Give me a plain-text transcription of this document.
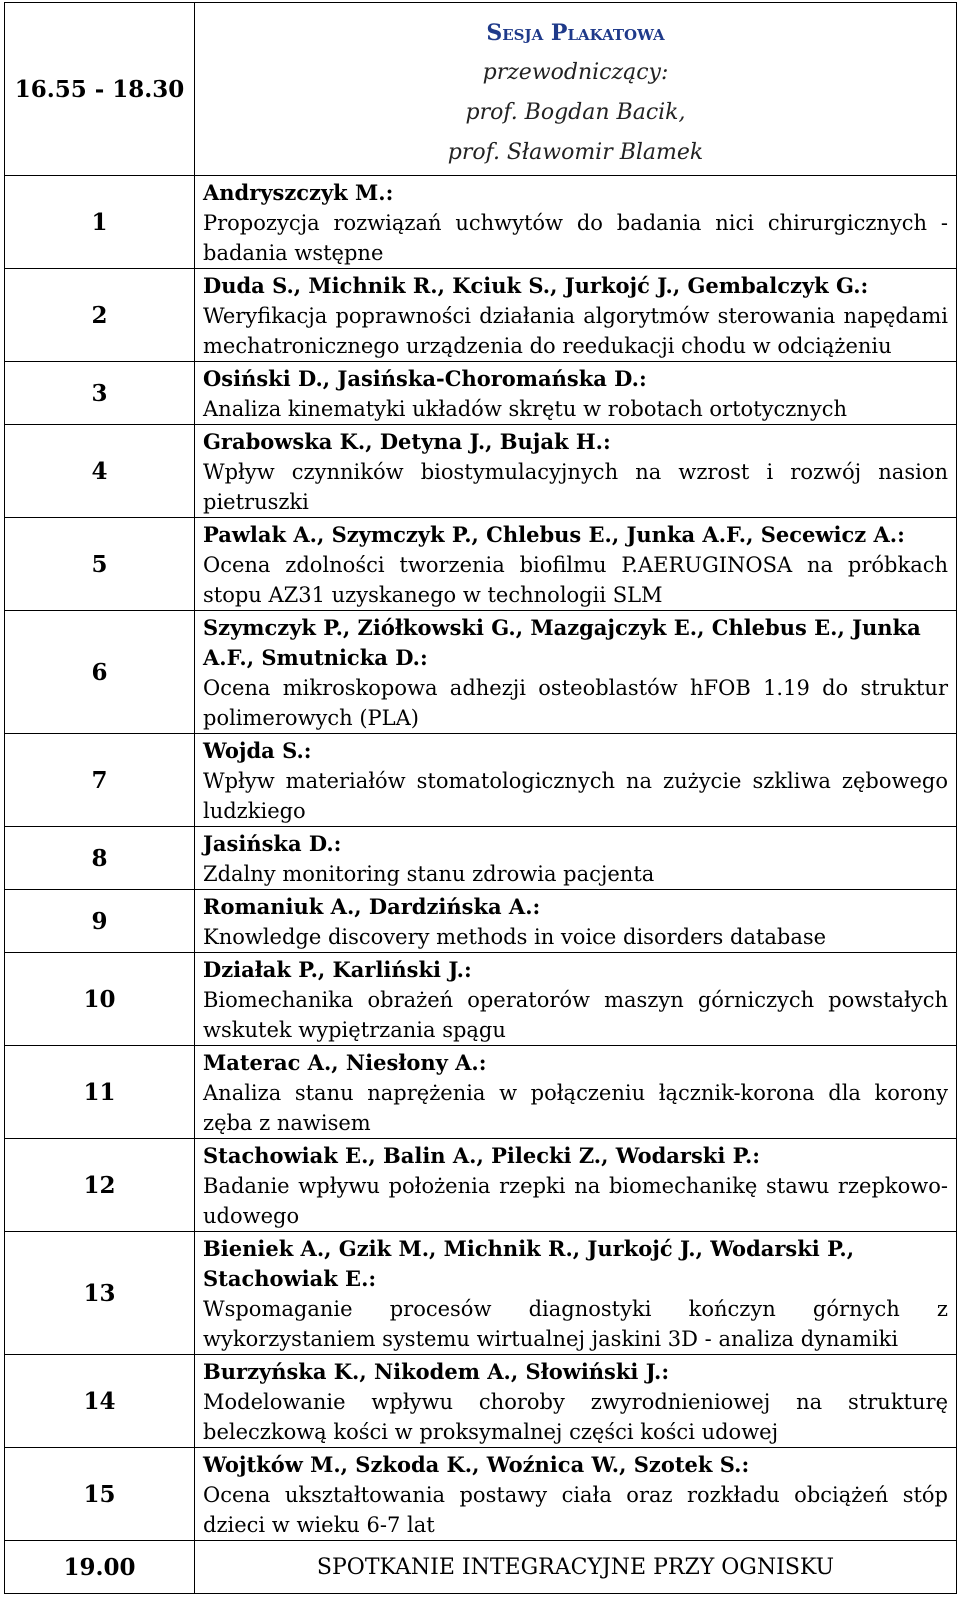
16.55 - 18.30	Sesja Plakatowa
przewodniczący:
prof. Bogdan Bacik,
prof. Sławomir Blamek

1	Andryszczyk M.:
Propozycja rozwiązań uchwytów do badania nici chirurgicznych - badania wstępne

2	Duda S., Michnik R., Kciuk S., Jurkojć J., Gembalczyk G.:
Weryfikacja poprawności działania algorytmów sterowania napędami mechatronicznego urządzenia do reedukacji chodu w odciążeniu

3	Osiński D., Jasińska-Choromańska D.:
Analiza kinematyki układów skrętu w robotach ortotycznych

4	Grabowska K., Detyna J., Bujak H.:
Wpływ czynników biostymulacyjnych na wzrost i rozwój nasion pietruszki

5	Pawlak A., Szymczyk P., Chlebus E., Junka A.F., Secewicz A.:
Ocena zdolności tworzenia biofilmu P.AERUGINOSA na próbkach stopu AZ31 uzyskanego w technologii SLM

6	Szymczyk P., Ziółkowski G., Mazgajczyk E., Chlebus E., Junka A.F., Smutnicka D.:
Ocena mikroskopowa adhezji osteoblastów hFOB 1.19 do struktur polimerowych (PLA)

7	Wojda S.:
Wpływ materiałów stomatologicznych na zużycie szkliwa zębowego ludzkiego

8	Jasińska D.:
Zdalny monitoring stanu zdrowia pacjenta

9	Romaniuk A., Dardzińska A.:
Knowledge discovery methods in voice disorders database

10	Działak P., Karliński J.:
Biomechanika obrażeń operatorów maszyn górniczych powstałych wskutek wypiętrzania spągu

11	Materac A., Niesłony A.:
Analiza stanu naprężenia w połączeniu łącznik-korona dla korony zęba z nawisem

12	Stachowiak E., Balin A., Pilecki Z., Wodarski P.:
Badanie wpływu położenia rzepki na biomechanikę stawu rzepkowo-udowego

13	Bieniek A., Gzik M., Michnik R., Jurkojć J., Wodarski P., Stachowiak E.:
Wspomaganie procesów diagnostyki kończyn górnych z wykorzystaniem systemu wirtualnej jaskini 3D - analiza dynamiki

14	Burzyńska K., Nikodem A., Słowiński J.:
Modelowanie wpływu choroby zwyrodnieniowej na strukturę beleczkową kości w proksymalnej części kości udowej

15	Wojtków M., Szkoda K., Woźnica W., Szotek S.:
Ocena ukształtowania postawy ciała oraz rozkładu obciążeń stóp dzieci w wieku 6-7 lat

19.00	SPOTKANIE INTEGRACYJNE PRZY OGNISKU
